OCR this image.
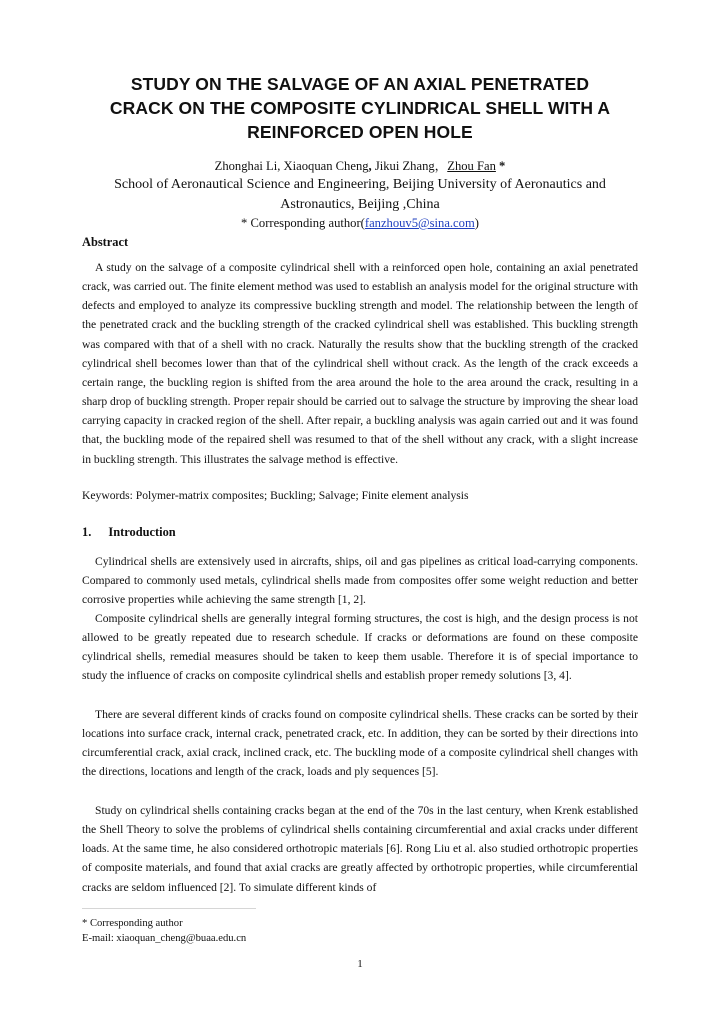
STUDY ON THE SALVAGE OF AN AXIAL PENETRATED
CRACK ON THE COMPOSITE CYLINDRICAL SHELL WITH A
REINFORCED OPEN HOLE
Zhonghai Li, Xiaoquan Cheng, Jikui Zhang，Zhou Fan *
School of Aeronautical Science and Engineering, Beijing University of Aeronautics and
Astronautics, Beijing ,China
* Corresponding author(fanzhouv5@sina.com)
Abstract

A study on the salvage of a composite cylindrical shell with a reinforced open hole, containing an axial penetrated crack, was carried out. The finite element method was used to establish an analysis model for the original structure with defects and employed to analyze its compressive buckling strength and model. The relationship between the length of the penetrated crack and the buckling strength of the cracked cylindrical shell was established. This buckling strength was compared with that of a shell with no crack. Naturally the results show that the buckling strength of the cracked cylindrical shell becomes lower than that of the cylindrical shell without crack. As the length of the crack exceeds a certain range, the buckling region is shifted from the area around the hole to the area around the crack, resulting in a sharp drop of buckling strength. Proper repair should be carried out to salvage the structure by improving the shear load carrying capacity in cracked region of the shell. After repair, a buckling analysis was again carried out and it was found that, the buckling mode of the repaired shell was resumed to that of the shell without any crack, with a slight increase in buckling strength. This illustrates the salvage method is effective.

Keywords: Polymer-matrix composites; Buckling; Salvage; Finite element analysis

1. Introduction

Cylindrical shells are extensively used in aircrafts, ships, oil and gas pipelines as critical load-carrying components. Compared to commonly used metals, cylindrical shells made from composites offer some weight reduction and better corrosive properties while achieving the same strength [1, 2].

Composite cylindrical shells are generally integral forming structures, the cost is high, and the design process is not allowed to be greatly repeated due to research schedule. If cracks or deformations are found on these composite cylindrical shells, remedial measures should be taken to keep them usable. Therefore it is of special importance to study the influence of cracks on composite cylindrical shells and establish proper remedy solutions [3, 4].

There are several different kinds of cracks found on composite cylindrical shells. These cracks can be sorted by their locations into surface crack, internal crack, penetrated crack, etc. In addition, they can be sorted by their directions into circumferential crack, axial crack, inclined crack, etc. The buckling mode of a composite cylindrical shell changes with the directions, locations and length of the crack, loads and ply sequences [5].

Study on cylindrical shells containing cracks began at the end of the 70s in the last century, when Krenk established the Shell Theory to solve the problems of cylindrical shells containing circumferential and axial cracks under different loads. At the same time, he also considered orthotropic materials [6]. Rong Liu et al. also studied orthotropic properties of composite materials, and found that axial cracks are greatly affected by orthotropic properties, while circumferential cracks are seldom influenced [2]. To simulate different kinds of

* Corresponding author
E-mail: xiaoquan_cheng@buaa.edu.cn
1
